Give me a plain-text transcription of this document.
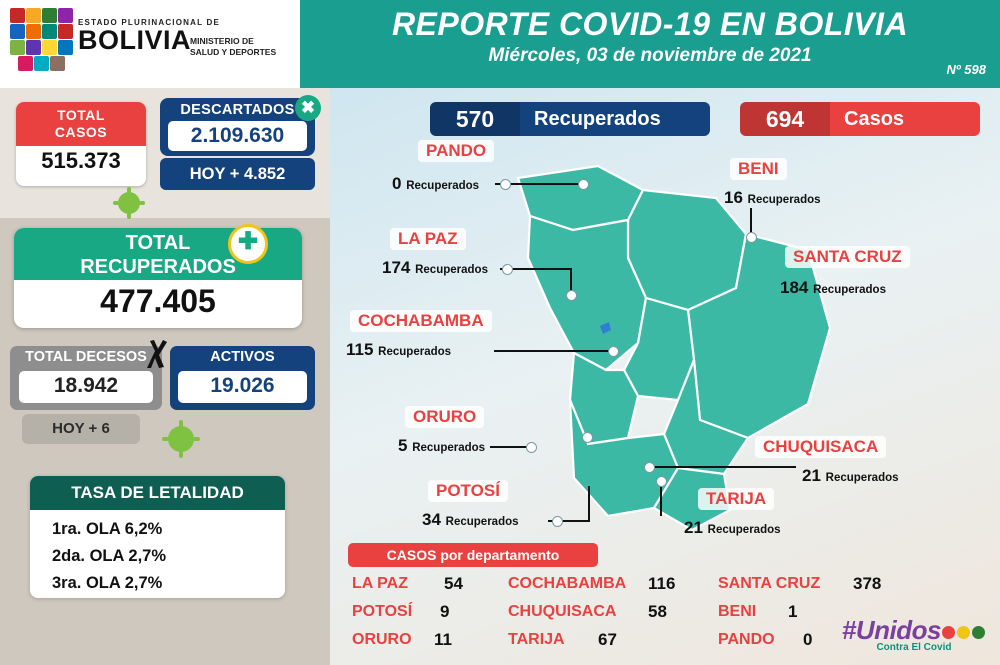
ESTADO PLURINACIONAL DE
BOLIVIA
MINISTERIO DE
SALUD Y DEPORTES
REPORTE COVID-19 EN BOLIVIA
Miércoles, 03 de noviembre de 2021
Nº 598
TOTAL
CASOS
515.373
DESCARTADOS
2.109.630
✖
HOY + 4.852
TOTAL
RECUPERADOS
477.405
✚
TOTAL DECESOS
18.942
HOY + 6
ACTIVOS
19.026
TASA DE LETALIDAD
1ra. OLA 6,2%
2da. OLA 2,7%
3ra. OLA 2,7%
570	Recuperados	694	Casos
PANDO
0 Recuperados
BENI
16 Recuperados
LA PAZ
174 Recuperados
SANTA CRUZ
184 Recuperados
COCHABAMBA
115 Recuperados
ORURO
5 Recuperados	CHUQUISACA
21 Recuperados
POTOSÍ
34 Recuperados
TARIJA
21 Recuperados
CASOS por departamento
LA PAZ 54	COCHABAMBA 116	SANTA CRUZ 378
POTOSÍ 9	CHUQUISACA 58	BENI 1
ORURO 11	TARIJA 67	PANDO 0 #Unidos
Contra El Covid
